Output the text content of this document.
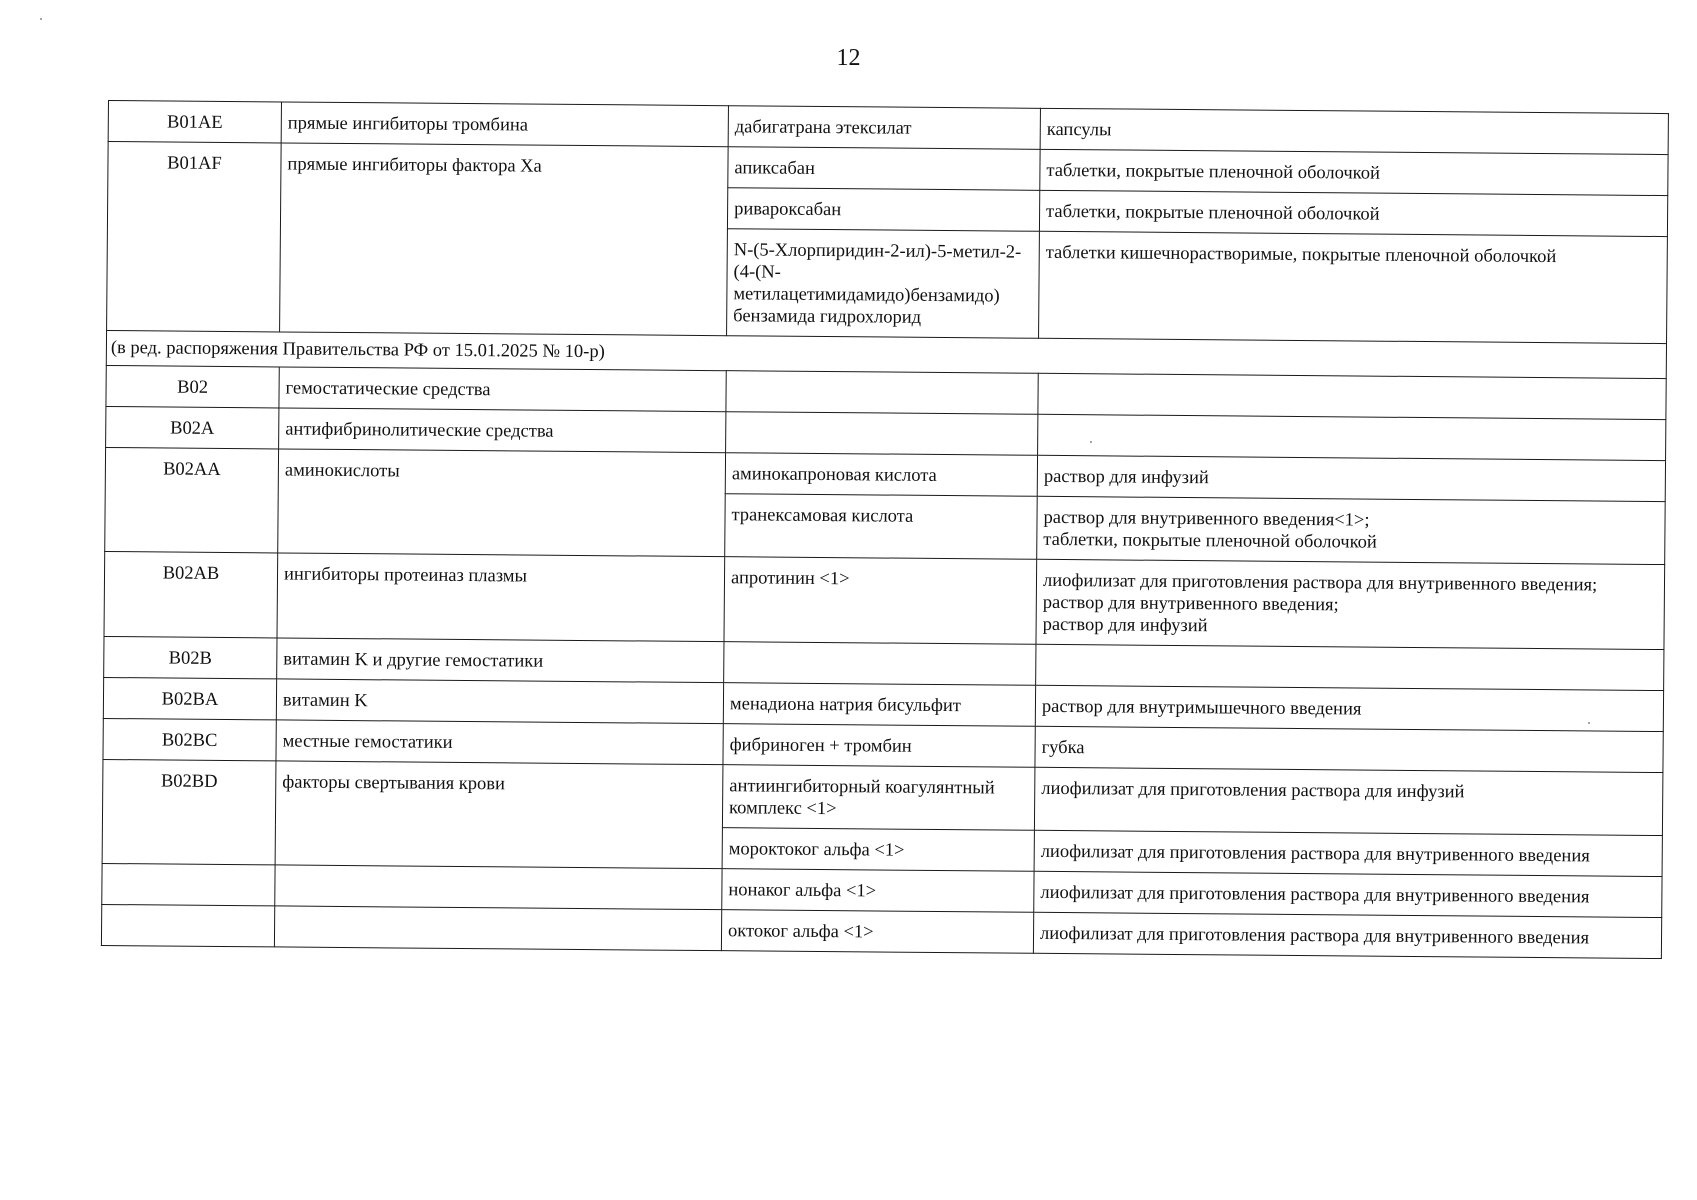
12
B01AE	прямые ингибиторы тромбина	дабигатрана этексилат	капсулы
B01AF	прямые ингибиторы фактора Ха	апиксабан	таблетки, покрытые пленочной оболочкой
		ривароксабан	таблетки, покрытые пленочной оболочкой
		N-(5-Хлорпиридин-2-ил)-5-метил-2-(4-(N-метилацетимидамидо)бензамидо) бензамида гидрохлорид	таблетки кишечнорастворимые, покрытые пленочной оболочкой
(в ред. распоряжения Правительства РФ от 15.01.2025 № 10-р)			
B02	гемостатические средства		
B02A	антифибринолитические средства		
B02AA	аминокислоты	аминокапроновая кислота	раствор для инфузий
		транексамовая кислота	раствор для внутривенного введения<1>;
таблетки, покрытые пленочной оболочкой
B02AB	ингибиторы протеиназ плазмы	апротинин <1>	лиофилизат для приготовления раствора для внутривенного введения;
раствор для внутривенного введения;
раствор для инфузий
B02B	витамин K и другие гемостатики		
B02BA	витамин K	менадиона натрия бисульфит	раствор для внутримышечного введения
B02BC	местные гемостатики	фибриноген + тромбин	губка
B02BD	факторы свертывания крови	антиингибиторный коагулянтный комплекс <1>	лиофилизат для приготовления раствора для инфузий
		мороктоког альфа <1>	лиофилизат для приготовления раствора для внутривенного введения
		нонаког альфа <1>	лиофилизат для приготовления раствора для внутривенного введения
		октоког альфа <1>	лиофилизат для приготовления раствора для внутривенного введения
